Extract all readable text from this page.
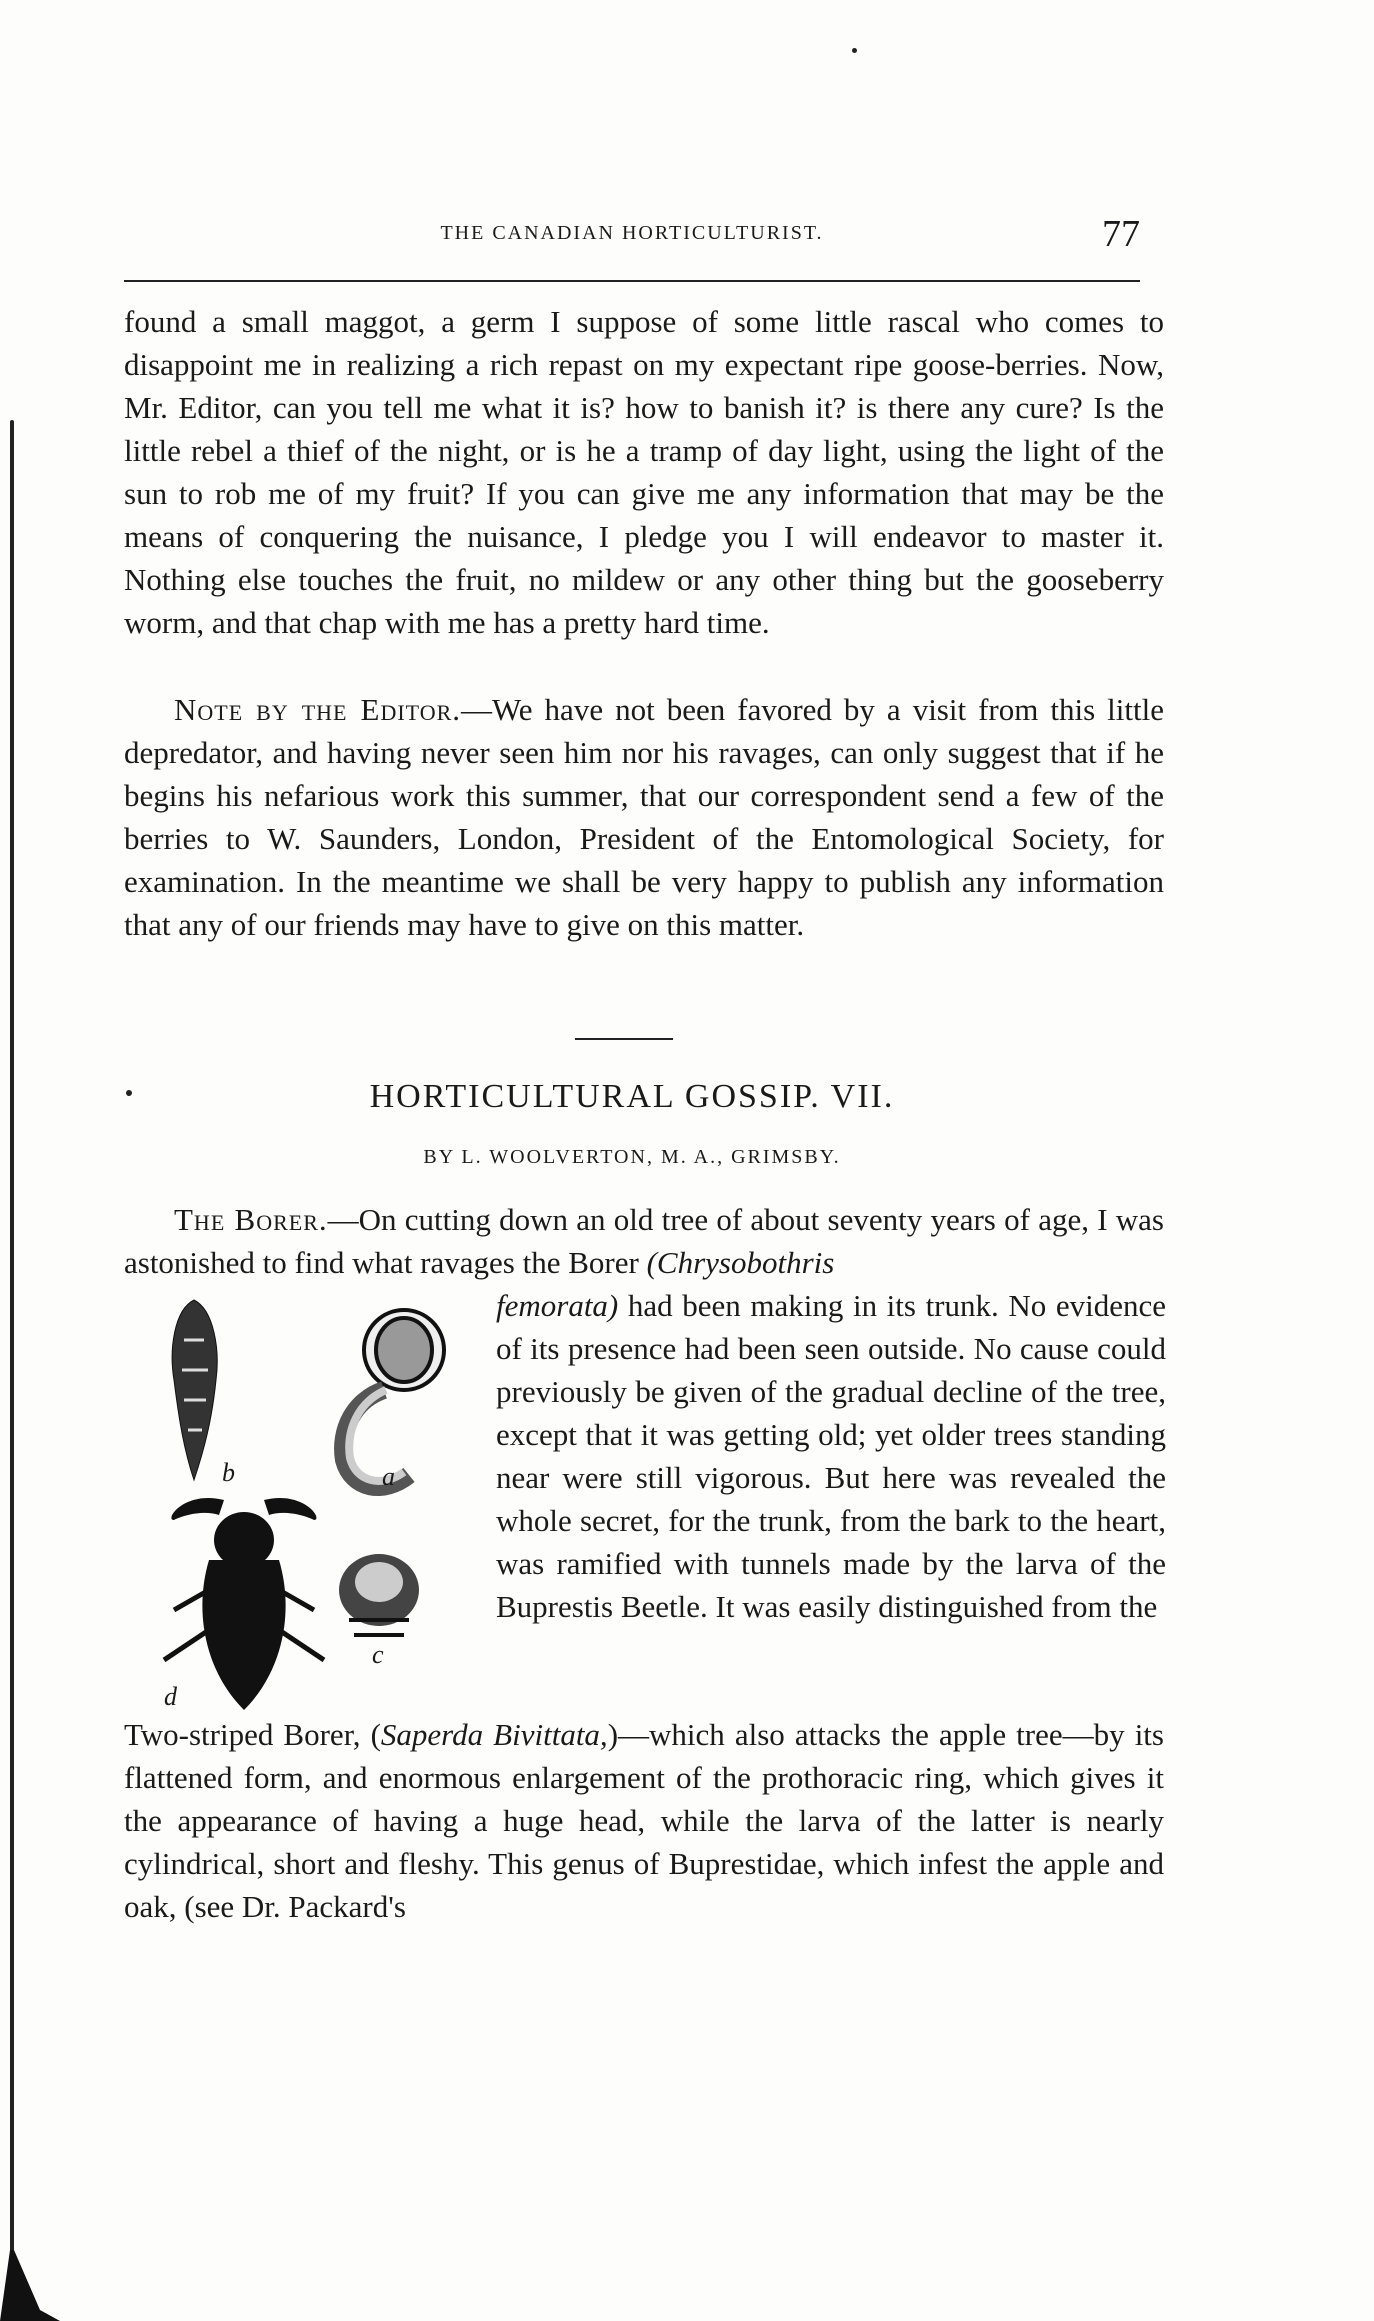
THE CANADIAN HORTICULTURIST.	77

found a small maggot, a germ I suppose of some little rascal who comes to disappoint me in realizing a rich repast on my expectant ripe goose-berries. Now, Mr. Editor, can you tell me what it is? how to banish it? is there any cure? Is the little rebel a thief of the night, or is he a tramp of day light, using the light of the sun to rob me of my fruit? If you can give me any information that may be the means of conquering the nuisance, I pledge you I will endeavor to master it. Nothing else touches the fruit, no mildew or any other thing but the gooseberry worm, and that chap with me has a pretty hard time.

Note by the Editor.—We have not been favored by a visit from this little depredator, and having never seen him nor his ravages, can only suggest that if he begins his nefarious work this summer, that our correspondent send a few of the berries to W. Saunders, London, President of the Entomological Society, for examination. In the meantime we shall be very happy to publish any information that any of our friends may have to give on this matter.

HORTICULTURAL GOSSIP. VII.
BY L. WOOLVERTON, M. A., GRIMSBY.

The Borer.—On cutting down an old tree of about seventy years of age, I was astonished to find what ravages the Borer (Chrysobothris

femorata) had been making in its trunk. No evidence of its presence had been seen outside. No cause could previously be given of the gradual decline of the tree, except that it was getting old; yet older trees standing near were still vigorous. But here was revealed the whole secret, for the trunk, from the bark to the heart, was ramified with tunnels made by the larva of the Buprestis Beetle. It was easily distinguished from the

Two-striped Borer, (Saperda Bivittata,)—which also attacks the apple tree—by its flattened form, and enormous enlargement of the prothoracic ring, which gives it the appearance of having a huge head, while the larva of the latter is nearly cylindrical, short and fleshy. This genus of Buprestidae, which infest the apple and oak, (see Dr. Packard's

b	a
d
c
